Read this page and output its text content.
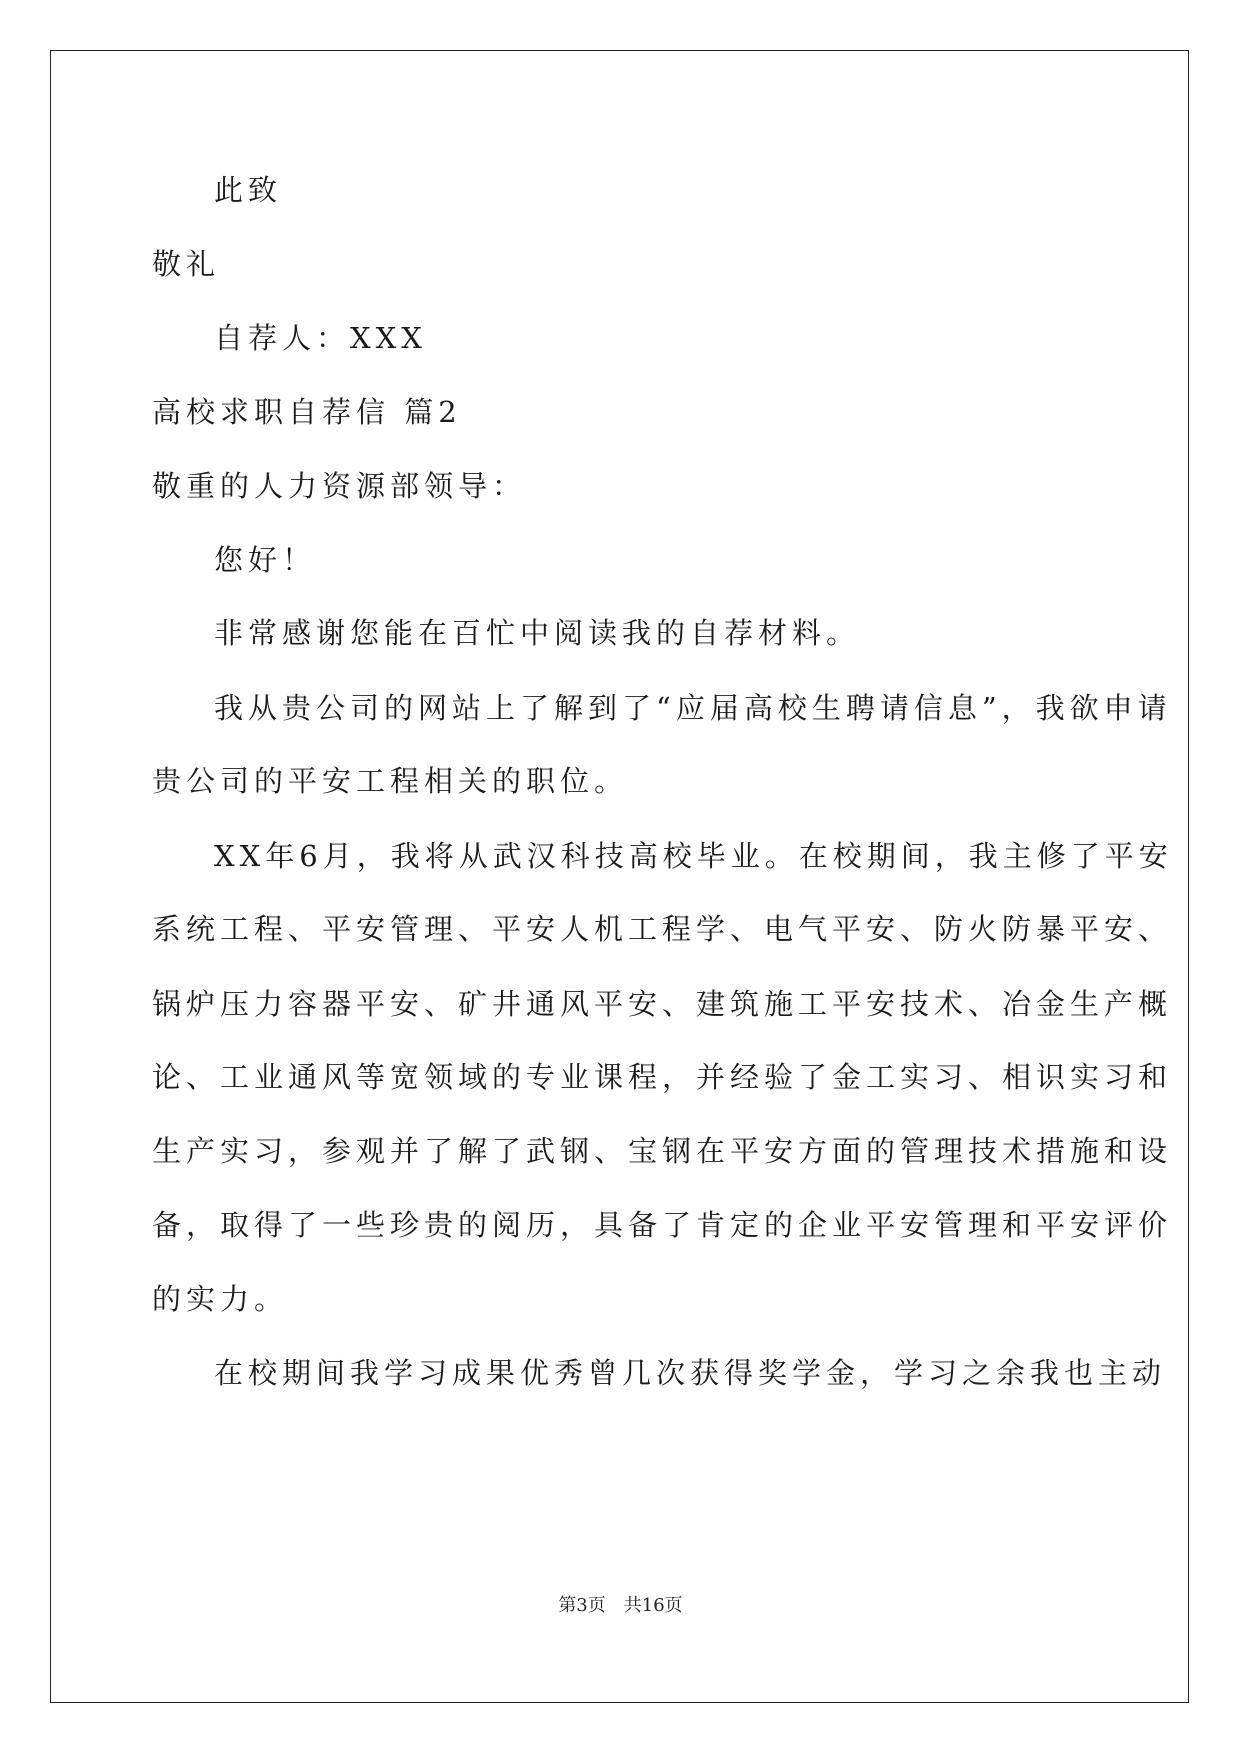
此致
敬礼
自荐人：XXX
高校求职自荐信 篇2
敬重的人力资源部领导：
您好！
非常感谢您能在百忙中阅读我的自荐材料。
我从贵公司的网站上了解到了“应届高校生聘请信息”，我欲申请
贵公司的平安工程相关的职位。
XX年6月，我将从武汉科技高校毕业。在校期间，我主修了平安
系统工程、平安管理、平安人机工程学、电气平安、防火防暴平安、
锅炉压力容器平安、矿井通风平安、建筑施工平安技术、冶金生产概
论、工业通风等宽领域的专业课程，并经验了金工实习、相识实习和
生产实习，参观并了解了武钢、宝钢在平安方面的管理技术措施和设
备，取得了一些珍贵的阅历，具备了肯定的企业平安管理和平安评价
的实力。
在校期间我学习成果优秀曾几次获得奖学金，学习之余我也主动
第3页 共16页
